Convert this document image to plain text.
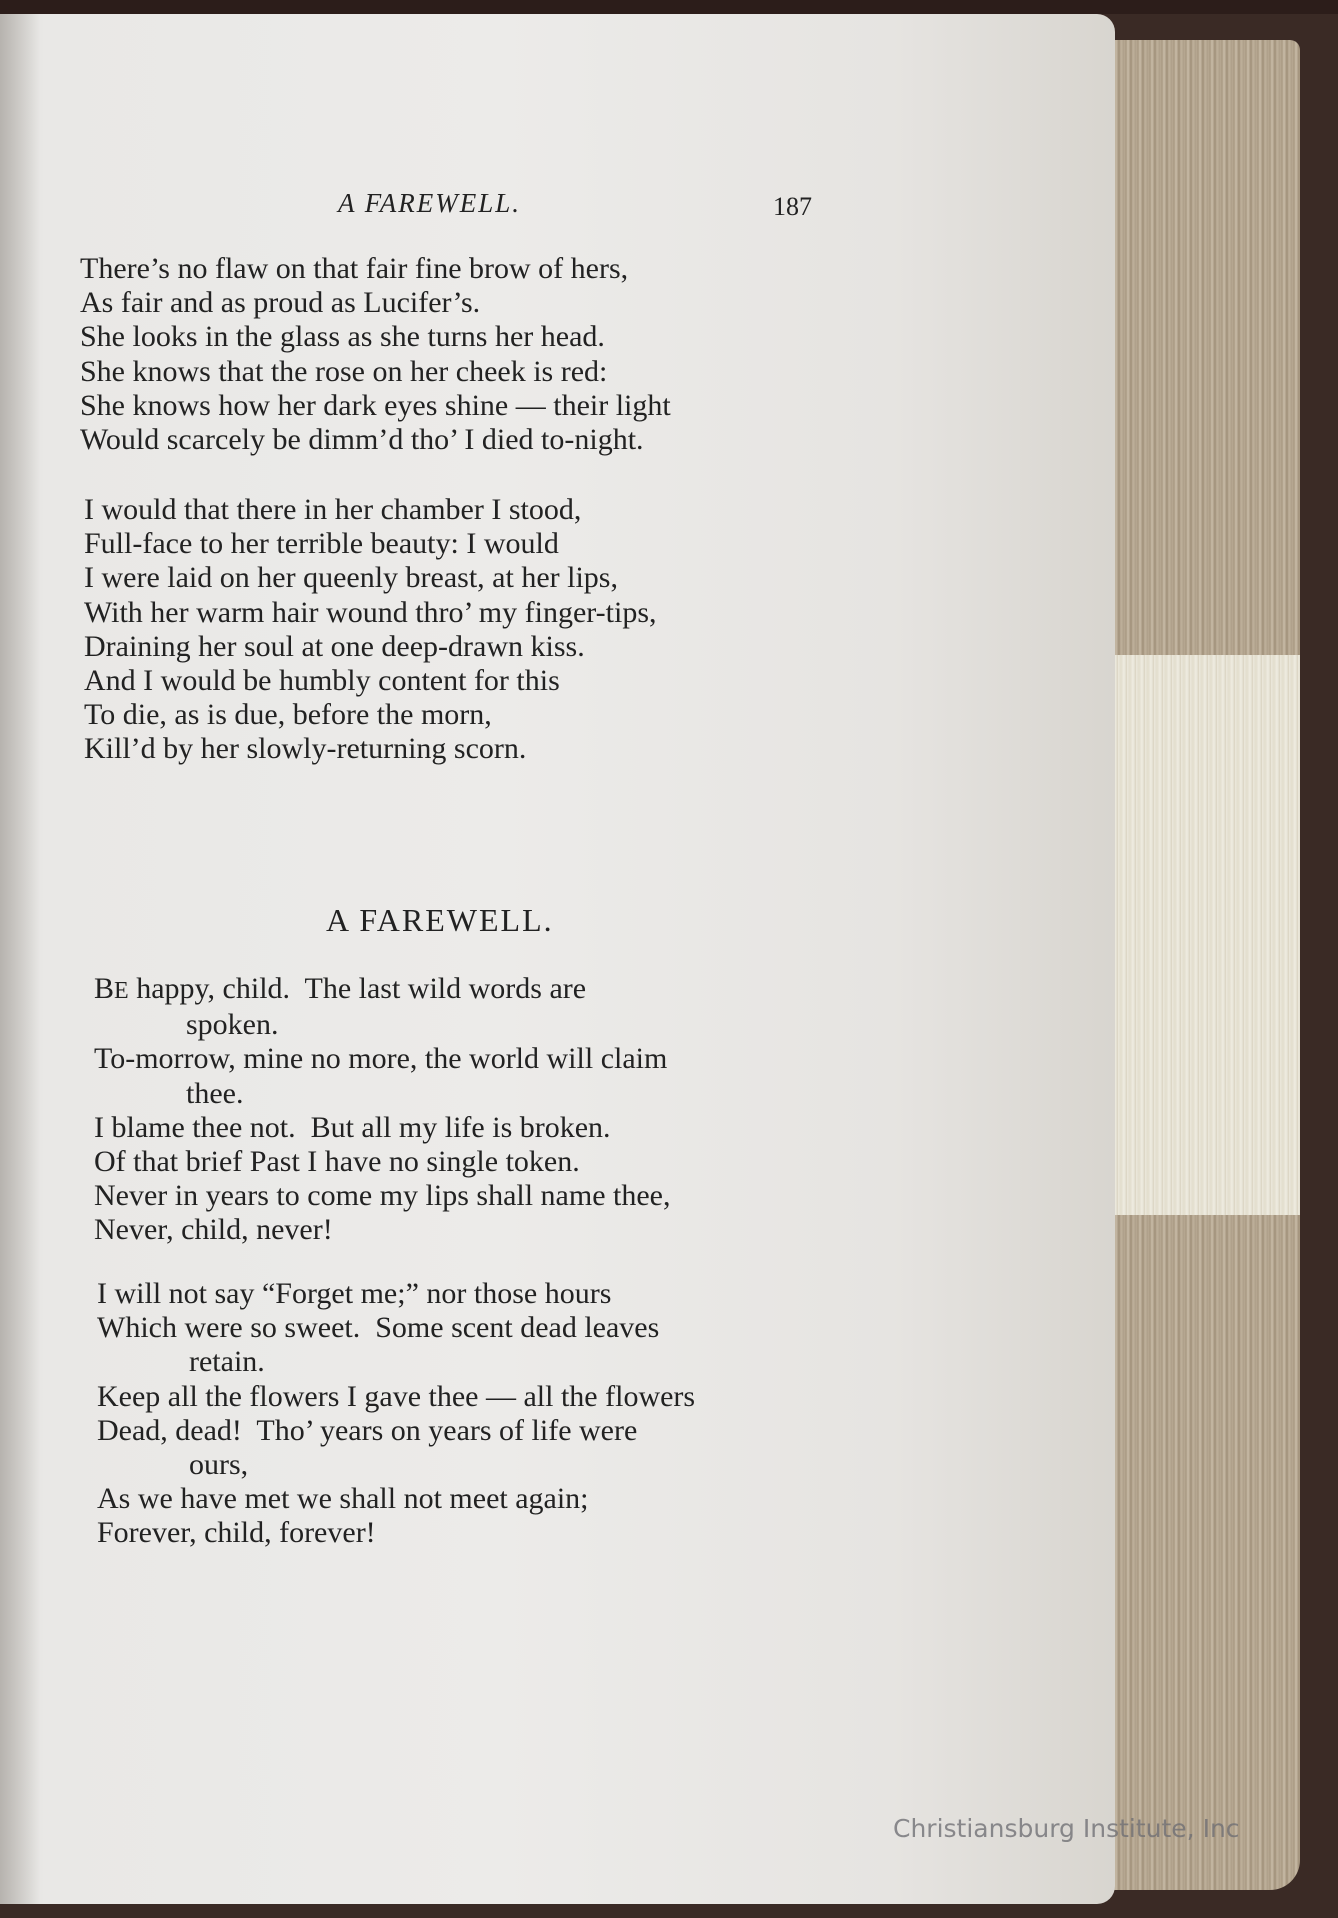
A FAREWELL.	187
There’s no flaw on that fair fine brow of hers,
As fair and as proud as Lucifer’s.
She looks in the glass as she turns her head.
She knows that the rose on her cheek is red:
She knows how her dark eyes shine — their light
Would scarcely be dimm’d tho’ I died to-night.
I would that there in her chamber I stood,
Full-face to her terrible beauty: I would
I were laid on her queenly breast, at her lips,
With her warm hair wound thro’ my finger-tips,
Draining her soul at one deep-drawn kiss.
And I would be humbly content for this
To die, as is due, before the morn,
Kill’d by her slowly-returning scorn.
A FAREWELL.
BE happy, child.  The last wild words are
spoken.
To-morrow, mine no more, the world will claim
thee.
I blame thee not.  But all my life is broken.
Of that brief Past I have no single token.
Never in years to come my lips shall name thee,
Never, child, never!
I will not say “Forget me;” nor those hours
Which were so sweet.  Some scent dead leaves
retain.
Keep all the flowers I gave thee — all the flowers
Dead, dead!  Tho’ years on years of life were
ours,
As we have met we shall not meet again;
Forever, child, forever!
Christiansburg Institute, Inc
